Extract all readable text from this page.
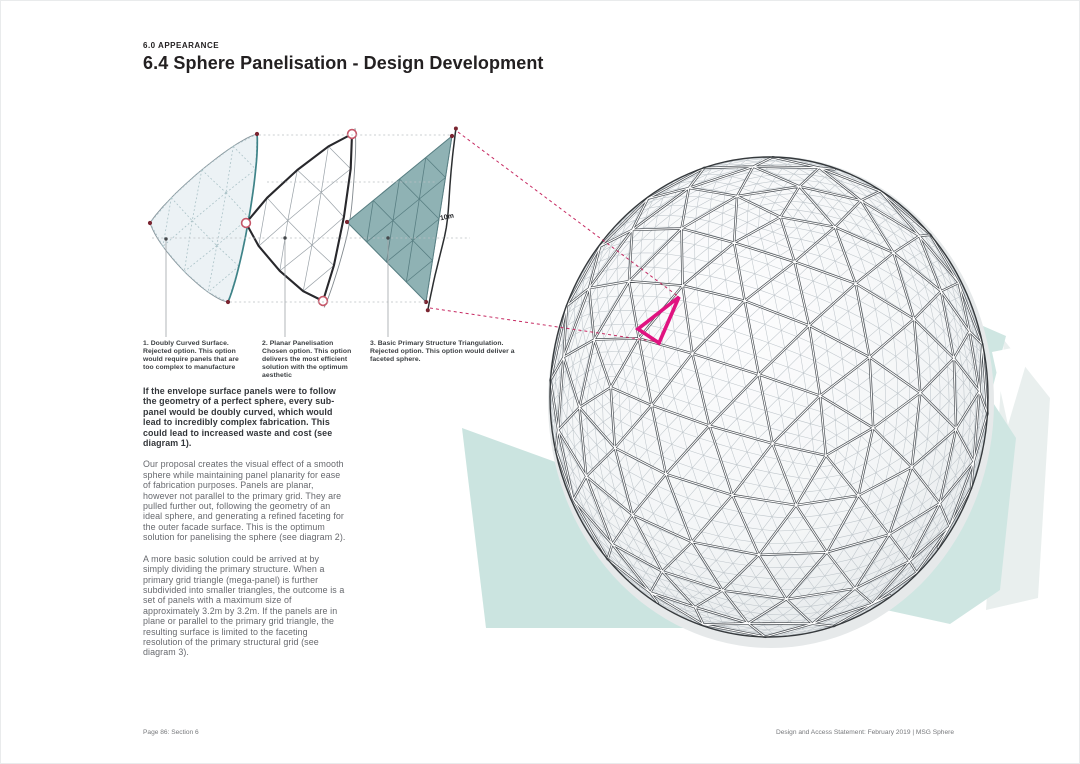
6.0 APPEARANCE
6.4 Sphere Panelisation - Design Development
1. Doubly Curved Surface. Rejected option. This option would require panels that are too complex to manufacture
2. Planar Panelisation Chosen option. This option delivers the most efficient solution with the optimum aesthetic
3. Basic Primary Structure Triangulation. Rejected option. This option would deliver a faceted sphere.
10m

If the envelope surface panels were to follow the geometry of a perfect sphere, every sub-panel would be doubly curved, which would lead to incredibly complex fabrication. This could lead to increased waste and cost (see diagram 1).

Our proposal creates the visual effect of a smooth sphere while maintaining panel planarity for ease of fabrication purposes. Panels are planar, however not parallel to the primary grid. They are pulled further out, following the geometry of an ideal sphere, and generating a refined faceting for the outer facade surface. This is the optimum solution for panelising the sphere (see diagram 2).

A more basic solution could be arrived at by simply dividing the primary structure. When a primary grid triangle (mega-panel) is further subdivided into smaller triangles, the outcome is a set of panels with a maximum size of approximately 3.2m by 3.2m. If the panels are in plane or parallel to the primary grid triangle, the resulting surface is limited to the faceting resolution of the primary structural grid (see diagram 3).

Page 86: Section 6	Design and Access Statement: February 2019 | MSG Sphere
